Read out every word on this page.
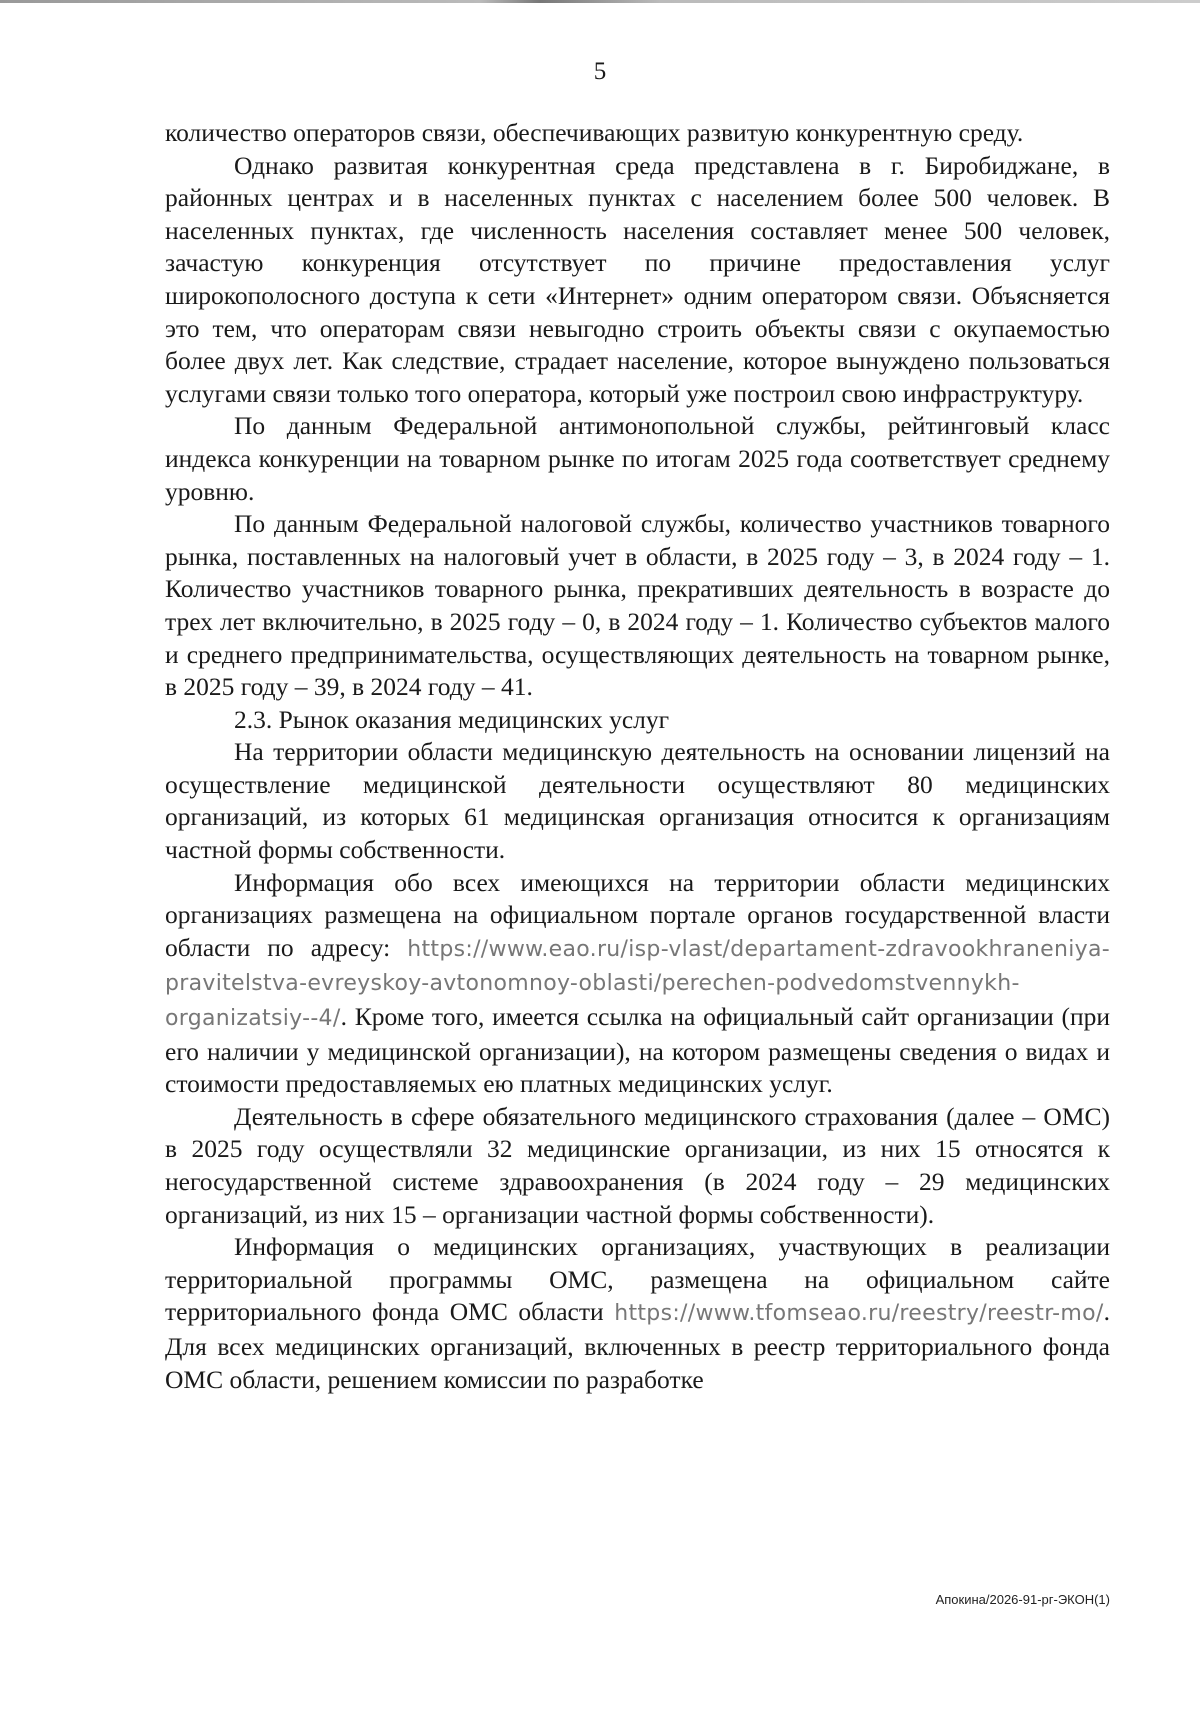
5

количество операторов связи, обеспечивающих развитую конкурентную среду.

Однако развитая конкурентная среда представлена в г. Биробиджане, в районных центрах и в населенных пунктах с населением более 500 человек. В населенных пунктах, где численность населения составляет менее 500 человек, зачастую конкуренция отсутствует по причине предоставления услуг широкополосного доступа к сети «Интернет» одним оператором связи. Объясняется это тем, что операторам связи невыгодно строить объекты связи с окупаемостью более двух лет. Как следствие, страдает население, которое вынуждено пользоваться услугами связи только того оператора, который уже построил свою инфраструктуру.

По данным Федеральной антимонопольной службы, рейтинговый класс индекса конкуренции на товарном рынке по итогам 2025 года соответствует среднему уровню.

По данным Федеральной налоговой службы, количество участников товарного рынка, поставленных на налоговый учет в области, в 2025 году – 3, в 2024 году – 1. Количество участников товарного рынка, прекративших деятельность в возрасте до трех лет включительно, в 2025 году – 0, в 2024 году – 1. Количество субъектов малого и среднего предпринимательства, осуществляющих деятельность на товарном рынке, в 2025 году – 39, в 2024 году – 41.

2.3. Рынок оказания медицинских услуг

На территории области медицинскую деятельность на основании лицензий на осуществление медицинской деятельности осуществляют 80 медицинских организаций, из которых 61 медицинская организация относится к организациям частной формы собственности.

Информация обо всех имеющихся на территории области медицинских организациях размещена на официальном портале органов государственной власти области по адресу: https://www.eao.ru/isp-vlast/departament-zdravookhraneniya-pravitelstva-evreyskoy-avtonomnoy-oblasti/perechen-podvedomstvennykh-organizatsiy--4/. Кроме того, имеется ссылка на официальный сайт организации (при его наличии у медицинской организации), на котором размещены сведения о видах и стоимости предоставляемых ею платных медицинских услуг.

Деятельность в сфере обязательного медицинского страхования (далее – ОМС) в 2025 году осуществляли 32 медицинские организации, из них 15 относятся к негосударственной системе здравоохранения (в 2024 году – 29 медицинских организаций, из них 15 – организации частной формы собственности).

Информация о медицинских организациях, участвующих в реализации территориальной программы ОМС, размещена на официальном сайте территориального фонда ОМС области https://www.tfomseao.ru/reestry/reestr-mo/. Для всех медицинских организаций, включенных в реестр территориального фонда ОМС области, решением комиссии по разработке

Апокина/2026-91-рг-ЭКОН(1)
